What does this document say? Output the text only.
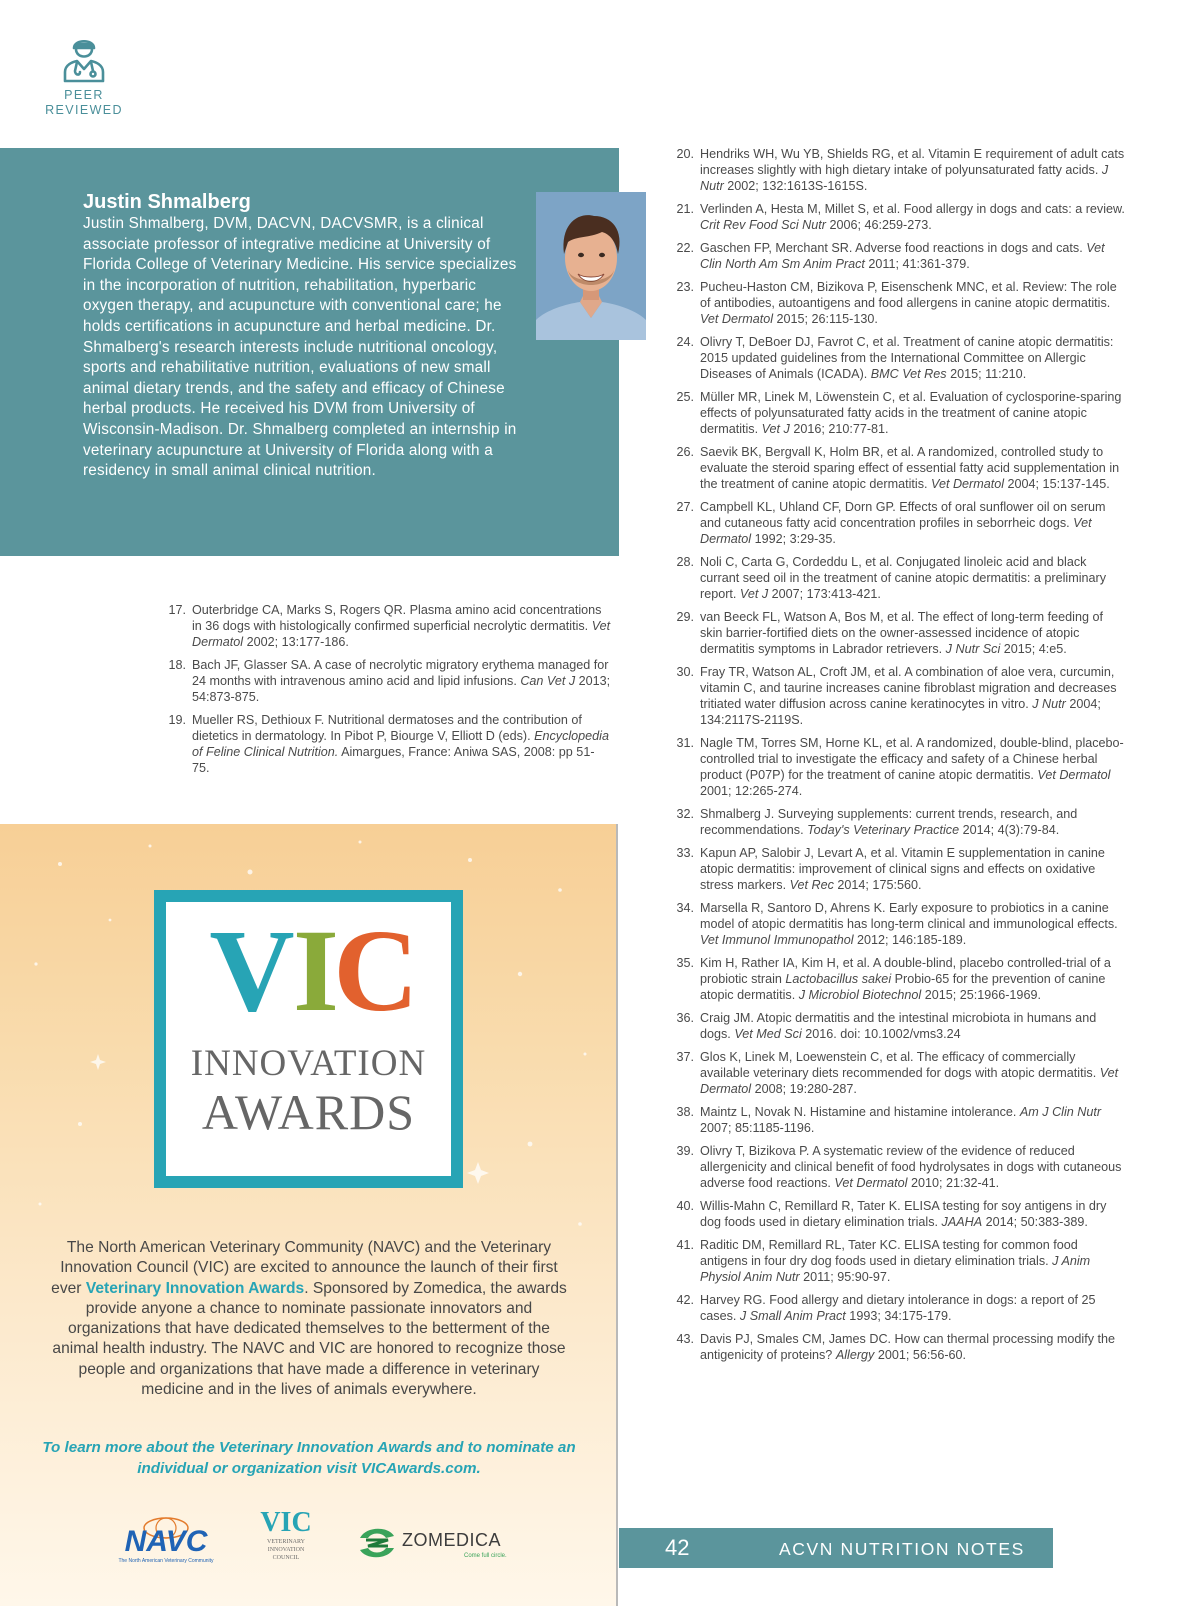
PEER
REVIEWED
Justin Shmalberg
Justin Shmalberg, DVM, DACVN, DACVSMR, is a clinical associate professor of integrative medicine at University of Florida College of Veterinary Medicine. His service specializes in the incorporation of nutrition, rehabilitation, hyperbaric oxygen therapy, and acupuncture with conventional care; he holds certifications in acupuncture and herbal medicine. Dr. Shmalberg's research interests include nutritional oncology, sports and rehabilitative nutrition, evaluations of new small animal dietary trends, and the safety and efficacy of Chinese herbal products. He received his DVM from University of Wisconsin-Madison. Dr. Shmalberg completed an internship in veterinary acupuncture at University of Florida along with a residency in small animal clinical nutrition.
17. Outerbridge CA, Marks S, Rogers QR. Plasma amino acid concentrations in 36 dogs with histologically confirmed superficial necrolytic dermatitis. Vet Dermatol 2002; 13:177-186.
18. Bach JF, Glasser SA. A case of necrolytic migratory erythema managed for 24 months with intravenous amino acid and lipid infusions. Can Vet J 2013; 54:873-875.
19. Mueller RS, Dethioux F. Nutritional dermatoses and the contribution of dietetics in dermatology. In Pibot P, Biourge V, Elliott D (eds). Encyclopedia of Feline Clinical Nutrition. Aimargues, France: Aniwa SAS, 2008: pp 51-75.
20. Hendriks WH, Wu YB, Shields RG, et al. Vitamin E requirement of adult cats increases slightly with high dietary intake of polyunsaturated fatty acids. J Nutr 2002; 132:1613S-1615S.
21. Verlinden A, Hesta M, Millet S, et al. Food allergy in dogs and cats: a review. Crit Rev Food Sci Nutr 2006; 46:259-273.
22. Gaschen FP, Merchant SR. Adverse food reactions in dogs and cats. Vet Clin North Am Sm Anim Pract 2011; 41:361-379.
23. Pucheu-Haston CM, Bizikova P, Eisenschenk MNC, et al. Review: The role of antibodies, autoantigens and food allergens in canine atopic dermatitis. Vet Dermatol 2015; 26:115-130.
24. Olivry T, DeBoer DJ, Favrot C, et al. Treatment of canine atopic dermatitis: 2015 updated guidelines from the International Committee on Allergic Diseases of Animals (ICADA). BMC Vet Res 2015; 11:210.
25. Müller MR, Linek M, Löwenstein C, et al. Evaluation of cyclosporine-sparing effects of polyunsaturated fatty acids in the treatment of canine atopic dermatitis. Vet J 2016; 210:77-81.
26. Saevik BK, Bergvall K, Holm BR, et al. A randomized, controlled study to evaluate the steroid sparing effect of essential fatty acid supplementation in the treatment of canine atopic dermatitis. Vet Dermatol 2004; 15:137-145.
27. Campbell KL, Uhland CF, Dorn GP. Effects of oral sunflower oil on serum and cutaneous fatty acid concentration profiles in seborrheic dogs. Vet Dermatol 1992; 3:29-35.
28. Noli C, Carta G, Cordeddu L, et al. Conjugated linoleic acid and black currant seed oil in the treatment of canine atopic dermatitis: a preliminary report. Vet J 2007; 173:413-421.
29. van Beeck FL, Watson A, Bos M, et al. The effect of long-term feeding of skin barrier-fortified diets on the owner-assessed incidence of atopic dermatitis symptoms in Labrador retrievers. J Nutr Sci 2015; 4:e5.
30. Fray TR, Watson AL, Croft JM, et al. A combination of aloe vera, curcumin, vitamin C, and taurine increases canine fibroblast migration and decreases tritiated water diffusion across canine keratinocytes in vitro. J Nutr 2004; 134:2117S-2119S.
31. Nagle TM, Torres SM, Horne KL, et al. A randomized, double-blind, placebo-controlled trial to investigate the efficacy and safety of a Chinese herbal product (P07P) for the treatment of canine atopic dermatitis. Vet Dermatol 2001; 12:265-274.
32. Shmalberg J. Surveying supplements: current trends, research, and recommendations. Today's Veterinary Practice 2014; 4(3):79-84.
33. Kapun AP, Salobir J, Levart A, et al. Vitamin E supplementation in canine atopic dermatitis: improvement of clinical signs and effects on oxidative stress markers. Vet Rec 2014; 175:560.
34. Marsella R, Santoro D, Ahrens K. Early exposure to probiotics in a canine model of atopic dermatitis has long-term clinical and immunological effects. Vet Immunol Immunopathol 2012; 146:185-189.
35. Kim H, Rather IA, Kim H, et al. A double-blind, placebo controlled-trial of a probiotic strain Lactobacillus sakei Probio-65 for the prevention of canine atopic dermatitis. J Microbiol Biotechnol 2015; 25:1966-1969.
36. Craig JM. Atopic dermatitis and the intestinal microbiota in humans and dogs. Vet Med Sci 2016. doi: 10.1002/vms3.24
37. Glos K, Linek M, Loewenstein C, et al. The efficacy of commercially available veterinary diets recommended for dogs with atopic dermatitis. Vet Dermatol 2008; 19:280-287.
38. Maintz L, Novak N. Histamine and histamine intolerance. Am J Clin Nutr 2007; 85:1185-1196.
39. Olivry T, Bizikova P. A systematic review of the evidence of reduced allergenicity and clinical benefit of food hydrolysates in dogs with cutaneous adverse food reactions. Vet Dermatol 2010; 21:32-41.
40. Willis-Mahn C, Remillard R, Tater K. ELISA testing for soy antigens in dry dog foods used in dietary elimination trials. JAAHA 2014; 50:383-389.
41. Raditic DM, Remillard RL, Tater KC. ELISA testing for common food antigens in four dry dog foods used in dietary elimination trials. J Anim Physiol Anim Nutr 2011; 95:90-97.
42. Harvey RG. Food allergy and dietary intolerance in dogs: a report of 25 cases. J Small Anim Pract 1993; 34:175-179.
43. Davis PJ, Smales CM, James DC. How can thermal processing modify the antigenicity of proteins? Allergy 2001; 56:56-60.
V
I
C
INNOVATION
AWARDS
The North American Veterinary Community (NAVC) and the Veterinary Innovation Council (VIC) are excited to announce the launch of their first ever Veterinary Innovation Awards. Sponsored by Zomedica, the awards provide anyone a chance to nominate passionate innovators and organizations that have dedicated themselves to the betterment of the animal health industry. The NAVC and VIC are honored to recognize those people and organizations that have made a difference in veterinary medicine and in the lives of animals everywhere.
To learn more about the Veterinary Innovation Awards and to nominate an individual or organization visit VICAwards.com.
NAVC
The North American Veterinary Community
VIC
VETERINARY
INNOVATION
COUNCIL
ZOMEDICA
Come full circle.	42	ACVN NUTRITION NOTES
